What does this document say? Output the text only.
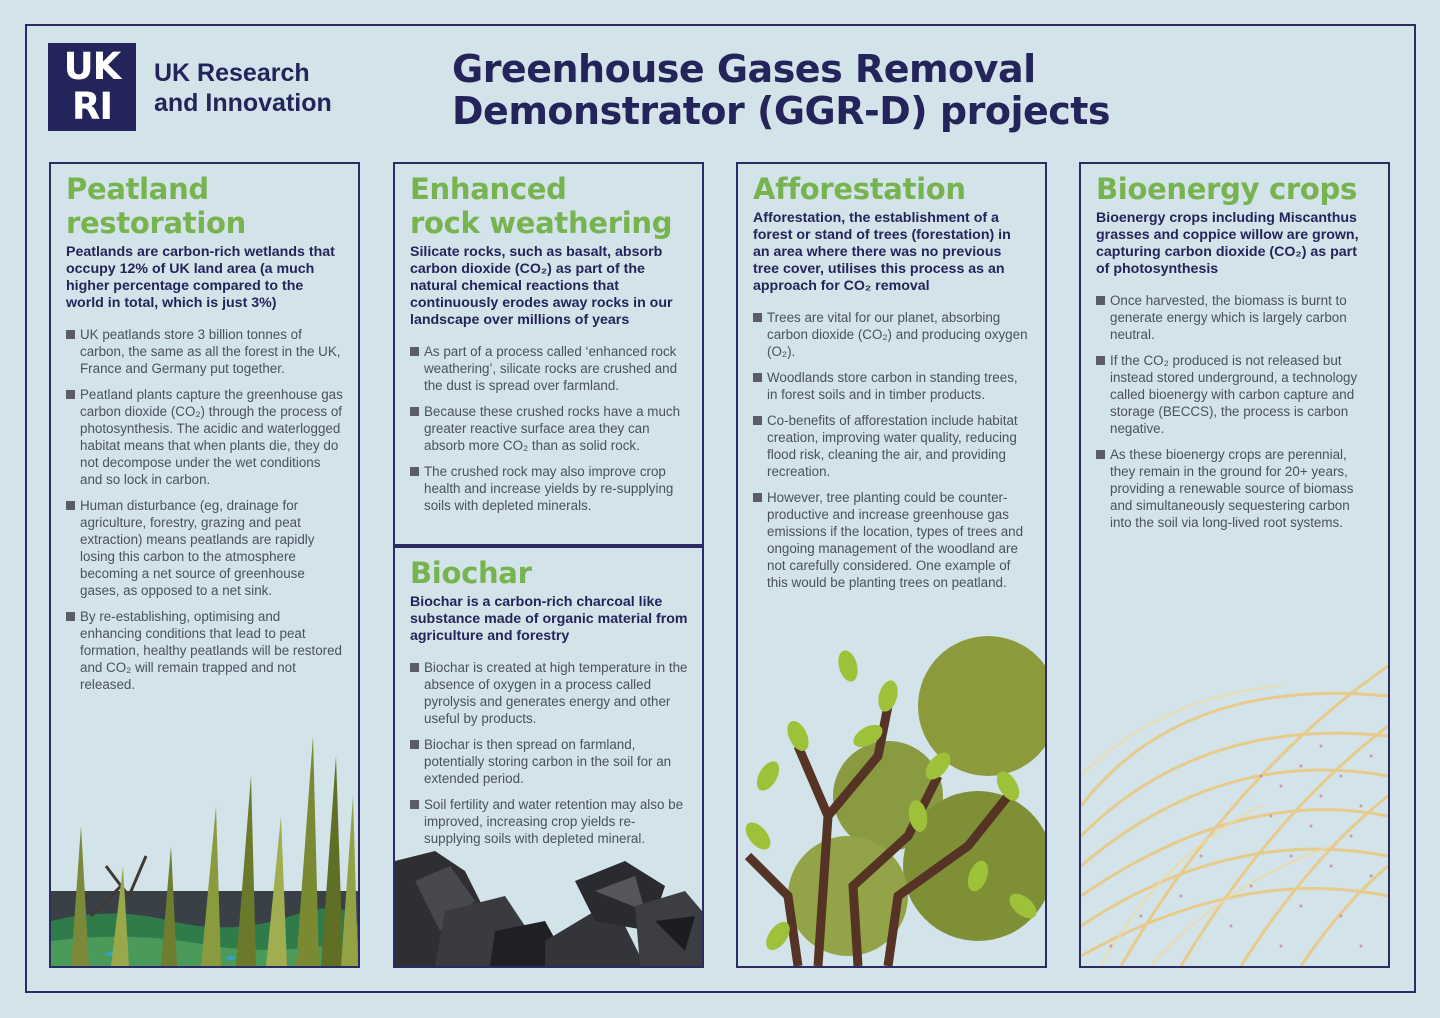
UK
RI
UK Research
and Innovation
Greenhouse Gases Removal
Demonstrator (GGR-D) projects
Peatland
restoration

Peatlands are carbon-rich wetlands that occupy 12% of UK land area (a much higher percentage compared to the world in total, which is just 3%)

UK peatlands store 3 billion tonnes of carbon, the same as all the forest in the UK, France and Germany put together.
Peatland plants capture the greenhouse gas carbon dioxide (CO₂) through the process of photosynthesis. The acidic and waterlogged habitat means that when plants die, they do not decompose under the wet conditions and so lock in carbon.
Human disturbance (eg, drainage for agriculture, forestry, grazing and peat extraction) means peatlands are rapidly losing this carbon to the atmosphere becoming a net source of greenhouse gases, as opposed to a net sink.
By re-establishing, optimising and enhancing conditions that lead to peat formation, healthy peatlands will be restored and CO₂ will remain trapped and not released.
Enhanced
rock weathering

Silicate rocks, such as basalt, absorb carbon dioxide (CO₂) as part of the natural chemical reactions that continuously erodes away rocks in our landscape over millions of years

As part of a process called ‘enhanced rock weathering’, silicate rocks are crushed and the dust is spread over farmland.
Because these crushed rocks have a much greater reactive surface area they can absorb more CO₂ than as solid rock.
The crushed rock may also improve crop health and increase yields by re-supplying soils with depleted minerals.
Biochar

Biochar is a carbon-rich charcoal like substance made of organic material from agriculture and forestry

Biochar is created at high temperature in the absence of oxygen in a process called pyrolysis and generates energy and other useful by products.
Biochar is then spread on farmland, potentially storing carbon in the soil for an extended period.
Soil fertility and water retention may also be improved, increasing crop yields re-supplying soils with depleted mineral.
Afforestation

Afforestation, the establishment of a forest or stand of trees (forestation) in an area where there was no previous tree cover, utilises this process as an approach for CO₂ removal

Trees are vital for our planet, absorbing carbon dioxide (CO₂) and producing oxygen (O₂).
Woodlands store carbon in standing trees, in forest soils and in timber products.
Co-benefits of afforestation include habitat creation, improving water quality, reducing flood risk, cleaning the air, and providing recreation.
However, tree planting could be counter-productive and increase greenhouse gas emissions if the location, types of trees and ongoing management of the woodland are not carefully considered. One example of this would be planting trees on peatland.
Bioenergy crops

Bioenergy crops including Miscanthus grasses and coppice willow are grown, capturing carbon dioxide (CO₂) as part of photosynthesis

Once harvested, the biomass is burnt to generate energy which is largely carbon neutral.
If the CO₂ produced is not released but instead stored underground, a technology called bioenergy with carbon capture and storage (BECCS), the process is carbon negative.
As these bioenergy crops are perennial, they remain in the ground for 20+ years, providing a renewable source of biomass and simultaneously sequestering carbon into the soil via long-lived root systems.
